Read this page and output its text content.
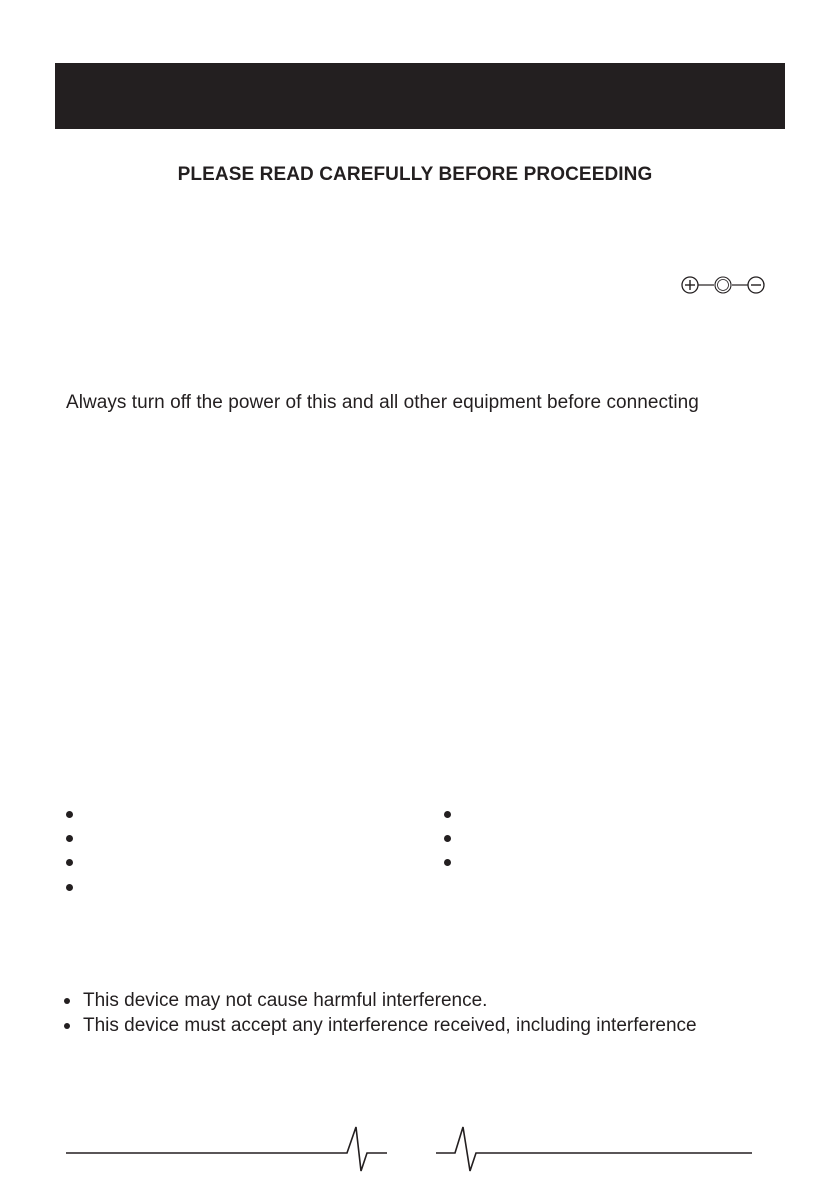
PLEASE READ CAREFULLY BEFORE PROCEEDING
Always turn off the power of this and all other equipment before connecting
This device may not cause harmful interference.
This device must accept any interference received, including interference
